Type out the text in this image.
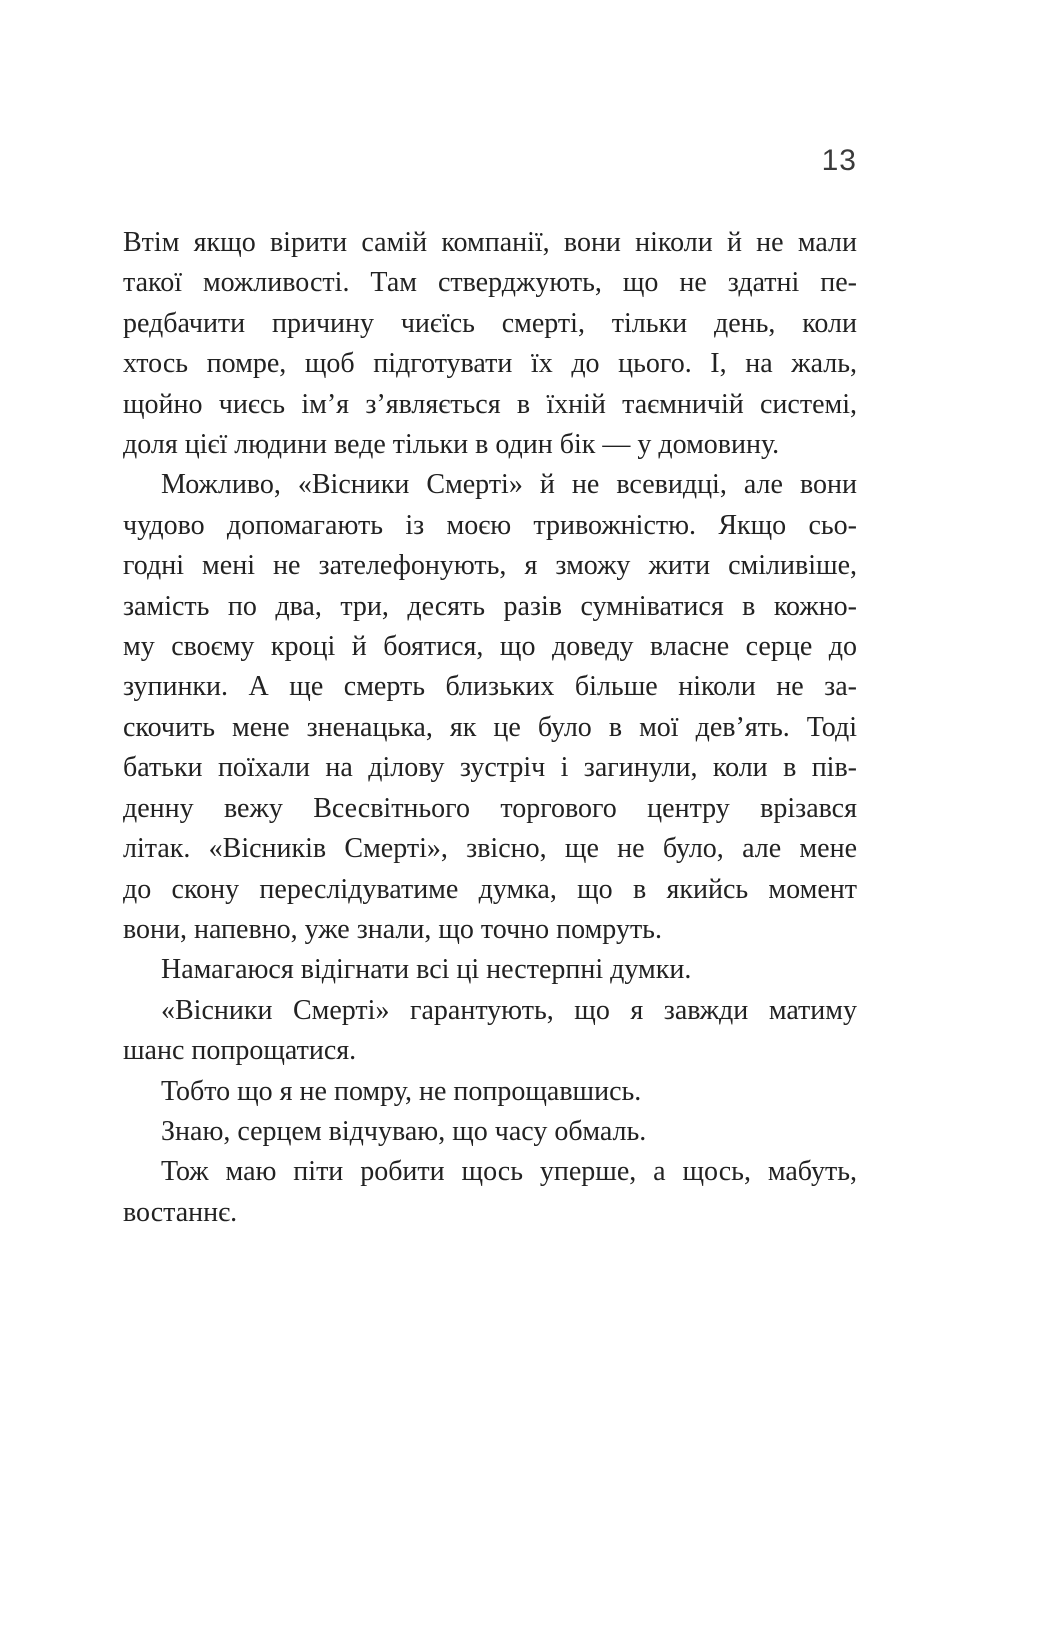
13
Втім якщо вірити самій компанії, вони ніколи й не мали
такої можливості. Там стверджують, що не здатні пе-
редбачити причину чиєїсь смерті, тільки день, коли
хтось помре, щоб підготувати їх до цього. І, на жаль,
щойно чиєсь ім’я з’являється в їхній таємничій системі,
доля цієї людини веде тільки в один бік — у домовину.
Можливо, «Вісники Смерті» й не всевидці, але вони
чудово допомагають із моєю тривожністю. Якщо сьо-
годні мені не зателефонують, я зможу жити сміливіше,
замість по два, три, десять разів сумніватися в кожно-
му своєму кроці й боятися, що доведу власне серце до
зупинки. А ще смерть близьких більше ніколи не за-
скочить мене зненацька, як це було в мої дев’ять. Тоді
батьки поїхали на ділову зустріч і загинули, коли в пів-
денну вежу Всесвітнього торгового центру врізався
літак. «Вісників Смерті», звісно, ще не було, але мене
до скону переслідуватиме думка, що в якийсь момент
вони, напевно, уже знали, що точно помруть.
Намагаюся відігнати всі ці нестерпні думки.
«Вісники Смерті» гарантують, що я завжди матиму
шанс попрощатися.
Тобто що я не помру, не попрощавшись.
Знаю, серцем відчуваю, що часу обмаль.
Тож маю піти робити щось уперше, а щось, мабуть,
востаннє.
